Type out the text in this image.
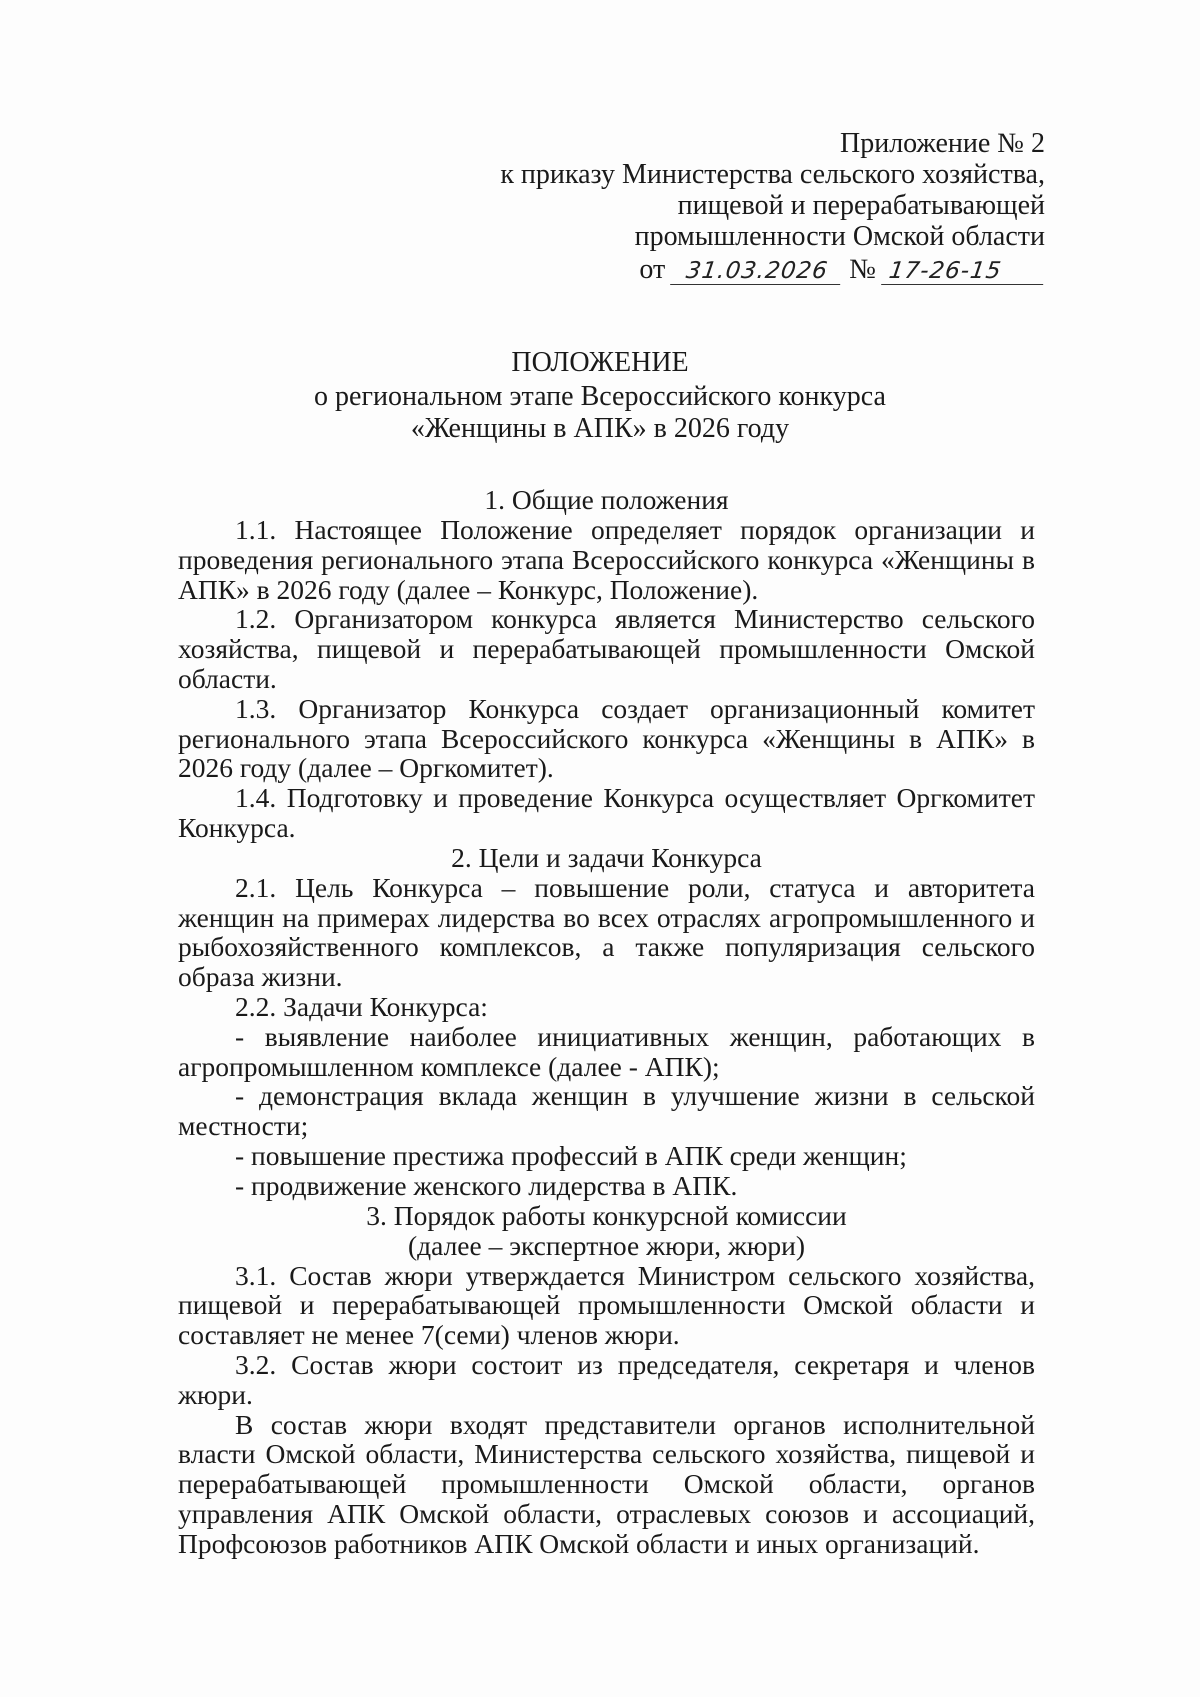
Приложение № 2
к приказу Министерства сельского хозяйства,
пищевой и перерабатывающей
промышленности Омской области
от 31.03.2026 № 17-26-15
ПОЛОЖЕНИЕ
о региональном этапе Всероссийского конкурса
«Женщины в АПК» в 2026 году

1. Общие положения

1.1. Настоящее Положение определяет порядок организации и проведения регионального этапа Всероссийского конкурса «Женщины в АПК» в 2026 году (далее – Конкурс, Положение).

1.2. Организатором конкурса является Министерство сельского хозяйства, пищевой и перерабатывающей промышленности Омской области.

1.3. Организатор Конкурса создает организационный комитет регионального этапа Всероссийского конкурса «Женщины в АПК» в 2026 году (далее – Оргкомитет).

1.4. Подготовку и проведение Конкурса осуществляет Оргкомитет Конкурса.

2. Цели и задачи Конкурса

2.1. Цель Конкурса – повышение роли, статуса и авторитета женщин на примерах лидерства во всех отраслях агропромышленного и рыбохозяйственного комплексов, а также популяризация сельского образа жизни.

2.2. Задачи Конкурса:

- выявление наиболее инициативных женщин, работающих в агропромышленном комплексе (далее - АПК);

- демонстрация вклада женщин в улучшение жизни в сельской местности;

- повышение престижа профессий в АПК среди женщин;

- продвижение женского лидерства в АПК.

3. Порядок работы конкурсной комиссии

(далее – экспертное жюри, жюри)

3.1. Состав жюри утверждается Министром сельского хозяйства, пищевой и перерабатывающей промышленности Омской области и составляет не менее 7(семи) членов жюри.

3.2. Состав жюри состоит из председателя, секретаря и членов жюри.

В состав жюри входят представители органов исполнительной власти Омской области, Министерства сельского хозяйства, пищевой и перерабатывающей промышленности Омской области, органов управления АПК Омской области, отраслевых союзов и ассоциаций, Профсоюзов работников АПК Омской области и иных организаций.
